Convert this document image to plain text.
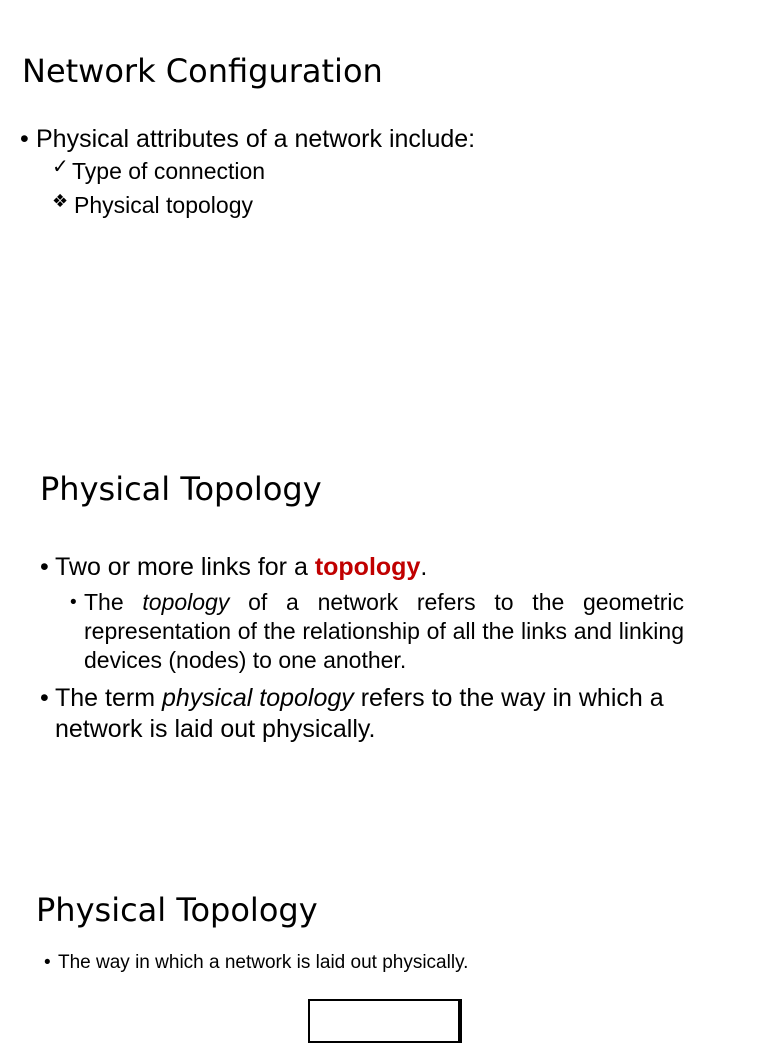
Network Configuration
• Physical attributes of a network include:
✓ Type of connection
❖ Physical topology
Physical Topology
• Two or more links for a topology.
• The topology of a network refers to the geometric representation of the relationship of all the links and linking devices (nodes) to one another.
• The term physical topology refers to the way in which a network is laid out physically.
Physical Topology
• The way in which a network is laid out physically.
